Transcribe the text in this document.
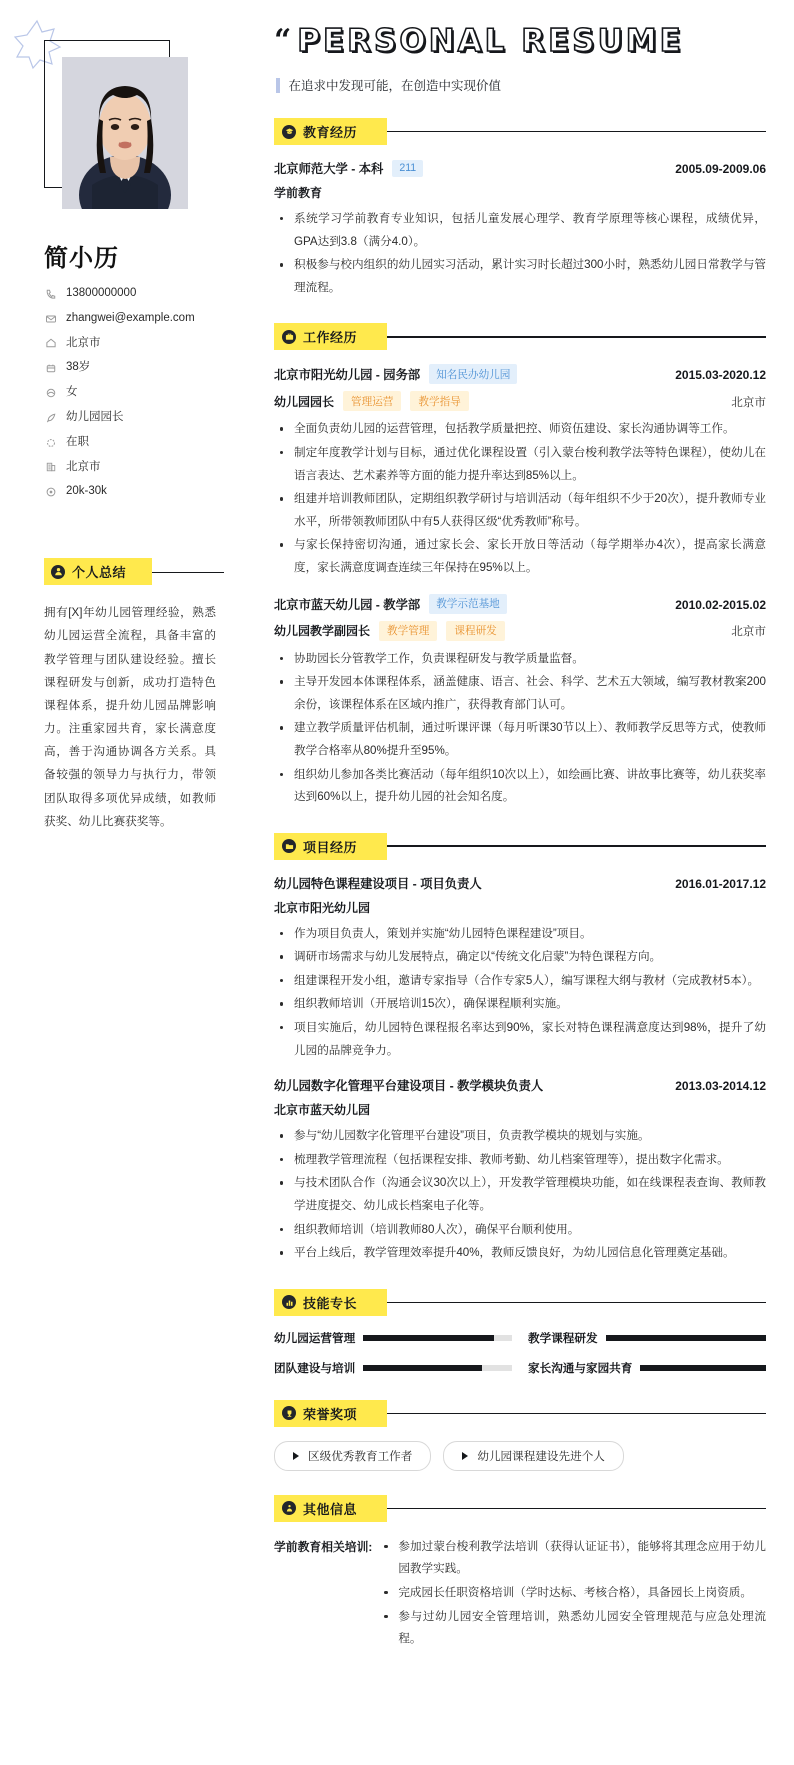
简小历
13800000000
zhangwei@example.com
北京市
38岁
女
幼儿园园长
在职
北京市
20k-30k
个人总结
拥有[X]年幼儿园管理经验，熟悉幼儿园运营全流程，具备丰富的教学管理与团队建设经验。擅长课程研发与创新，成功打造特色课程体系，提升幼儿园品牌影响力。注重家园共育，家长满意度高，善于沟通协调各方关系。具备较强的领导力与执行力，带领团队取得多项优异成绩，如教师获奖、幼儿比赛获奖等。
“ PERSONAL RESUME
在追求中发现可能，在创造中实现价值
教育经历
北京师范大学 - 本科	211	2005.09-2009.06
学前教育
系统学习学前教育专业知识，包括儿童发展心理学、教育学原理等核心课程，成绩优异，GPA达到3.8（满分4.0）。
积极参与校内组织的幼儿园实习活动，累计实习时长超过300小时，熟悉幼儿园日常教学与管理流程。
工作经历
北京市阳光幼儿园 - 园务部	知名民办幼儿园	2015.03-2020.12
幼儿园园长	管理运营	教学指导	北京市
全面负责幼儿园的运营管理，包括教学质量把控、师资伍建设、家长沟通协调等工作。
制定年度教学计划与目标，通过优化课程设置（引入蒙台梭利教学法等特色课程），使幼儿在语言表达、艺术素养等方面的能力提升率达到85%以上。
组建并培训教师团队，定期组织教学研讨与培训活动（每年组织不少于20次），提升教师专业水平，所带领教师团队中有5人获得区级“优秀教师”称号。
与家长保持密切沟通，通过家长会、家长开放日等活动（每学期举办4次），提高家长满意度，家长满意度调查连续三年保持在95%以上。
北京市蓝天幼儿园 - 教学部	教学示范基地	2010.02-2015.02
幼儿园教学副园长	教学管理	课程研发	北京市
协助园长分管教学工作，负责课程研发与教学质量监督。
主导开发园本体课程体系，涵盖健康、语言、社会、科学、艺术五大领域，编写教材教案200余份，该课程体系在区域内推广，获得教育部门认可。
建立教学质量评估机制，通过听课评课（每月听课30节以上）、教师教学反思等方式，使教师教学合格率从80%提升至95%。
组织幼儿参加各类比赛活动（每年组织10次以上），如绘画比赛、讲故事比赛等，幼儿获奖率达到60%以上，提升幼儿园的社会知名度。
项目经历
幼儿园特色课程建设项目 - 项目负责人	2016.01-2017.12
北京市阳光幼儿园
作为项目负责人，策划并实施“幼儿园特色课程建设”项目。
调研市场需求与幼儿发展特点，确定以“传统文化启蒙”为特色课程方向。
组建课程开发小组，邀请专家指导（合作专家5人），编写课程大纲与教材（完成教材5本）。
组织教师培训（开展培训15次），确保课程顺利实施。
项目实施后，幼儿园特色课程报名率达到90%，家长对特色课程满意度达到98%，提升了幼儿园的品牌竞争力。
幼儿园数字化管理平台建设项目 - 教学模块负责人	2013.03-2014.12
北京市蓝天幼儿园
参与“幼儿园数字化管理平台建设”项目，负责教学模块的规划与实施。
梳理教学管理流程（包括课程安排、教师考勤、幼儿档案管理等），提出数字化需求。
与技术团队合作（沟通会议30次以上），开发教学管理模块功能，如在线课程表查询、教师教学进度提交、幼儿成长档案电子化等。
组织教师培训（培训教师80人次），确保平台顺利使用。
平台上线后，教学管理效率提升40%，教师反馈良好，为幼儿园信息化管理奠定基础。
技能专长
幼儿园运营管理	教学课程研发
团队建设与培训	家长沟通与家园共育
荣誉奖项
区级优秀教育工作者	幼儿园课程建设先进个人
其他信息
学前教育相关培训:	参加过蒙台梭利教学法培训（获得认证证书），能够将其理念应用于幼儿园教学实践。
完成园长任职资格培训（学时达标、考核合格），具备园长上岗资质。
参与过幼儿园安全管理培训，熟悉幼儿园安全管理规范与应急处理流程。
